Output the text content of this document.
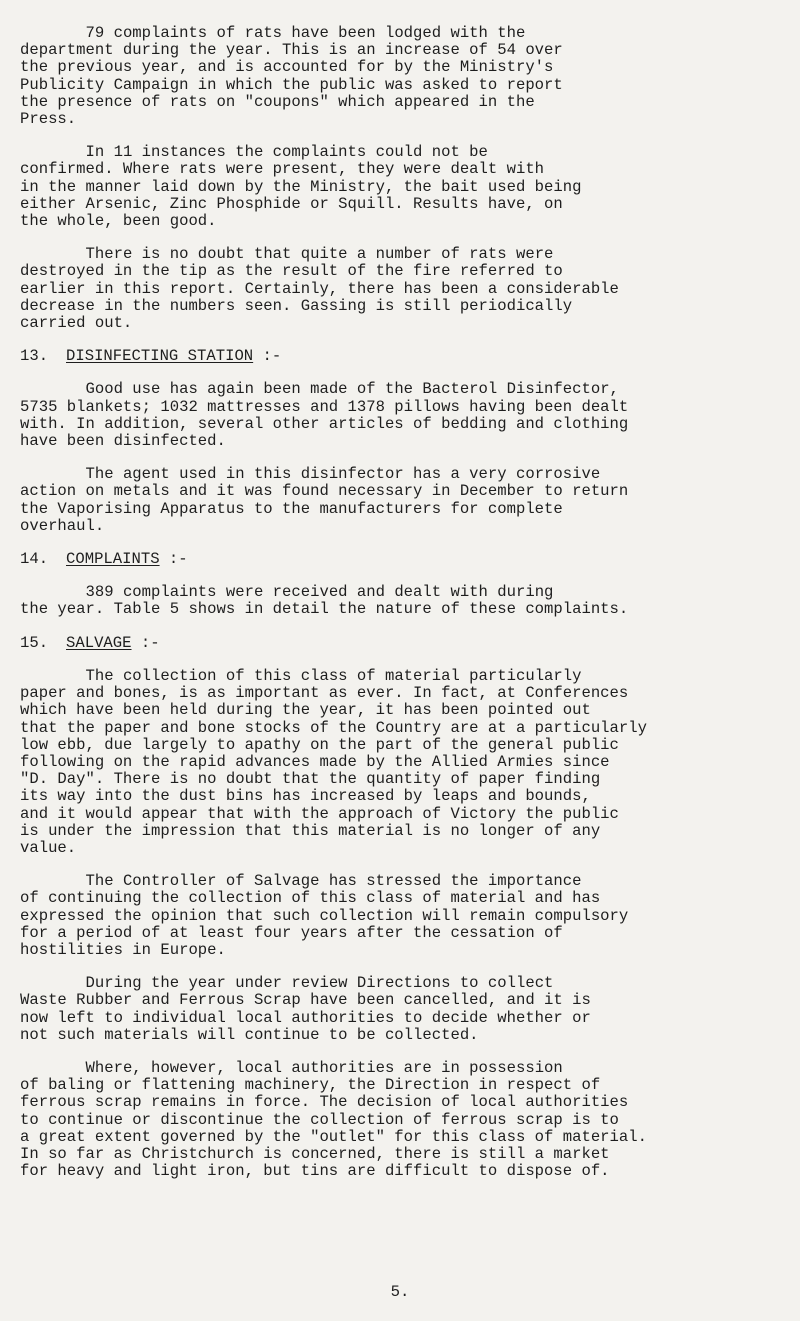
79 complaints of rats have been lodged with the

department during the year. This is an increase of 54 over

the previous year, and is accounted for by the Ministry's

Publicity Campaign in which the public was asked to report

the presence of rats on "coupons" which appeared in the

Press.

In 11 instances the complaints could not be

confirmed. Where rats were present, they were dealt with

in the manner laid down by the Ministry, the bait used being

either Arsenic, Zinc Phosphide or Squill. Results have, on

the whole, been good.

There is no doubt that quite a number of rats were

destroyed in the tip as the result of the fire referred to

earlier in this report. Certainly, there has been a considerable

decrease in the numbers seen. Gassing is still periodically

carried out.

13. DISINFECTING STATION :-

Good use has again been made of the Bacterol Disinfector,

5735 blankets; 1032 mattresses and 1378 pillows having been dealt

with. In addition, several other articles of bedding and clothing

have been disinfected.

The agent used in this disinfector has a very corrosive

action on metals and it was found necessary in December to return

the Vaporising Apparatus to the manufacturers for complete

overhaul.

14. COMPLAINTS :-

389 complaints were received and dealt with during

the year. Table 5 shows in detail the nature of these complaints.

15. SALVAGE :-

The collection of this class of material particularly

paper and bones, is as important as ever. In fact, at Conferences

which have been held during the year, it has been pointed out

that the paper and bone stocks of the Country are at a particularly

low ebb, due largely to apathy on the part of the general public

following on the rapid advances made by the Allied Armies since

"D. Day". There is no doubt that the quantity of paper finding

its way into the dust bins has increased by leaps and bounds,

and it would appear that with the approach of Victory the public

is under the impression that this material is no longer of any

value.

The Controller of Salvage has stressed the importance

of continuing the collection of this class of material and has

expressed the opinion that such collection will remain compulsory

for a period of at least four years after the cessation of

hostilities in Europe.

During the year under review Directions to collect

Waste Rubber and Ferrous Scrap have been cancelled, and it is

now left to individual local authorities to decide whether or

not such materials will continue to be collected.

Where, however, local authorities are in possession

of baling or flattening machinery, the Direction in respect of

ferrous scrap remains in force. The decision of local authorities

to continue or discontinue the collection of ferrous scrap is to

a great extent governed by the "outlet" for this class of material.

In so far as Christchurch is concerned, there is still a market

for heavy and light iron, but tins are difficult to dispose of.

5.
